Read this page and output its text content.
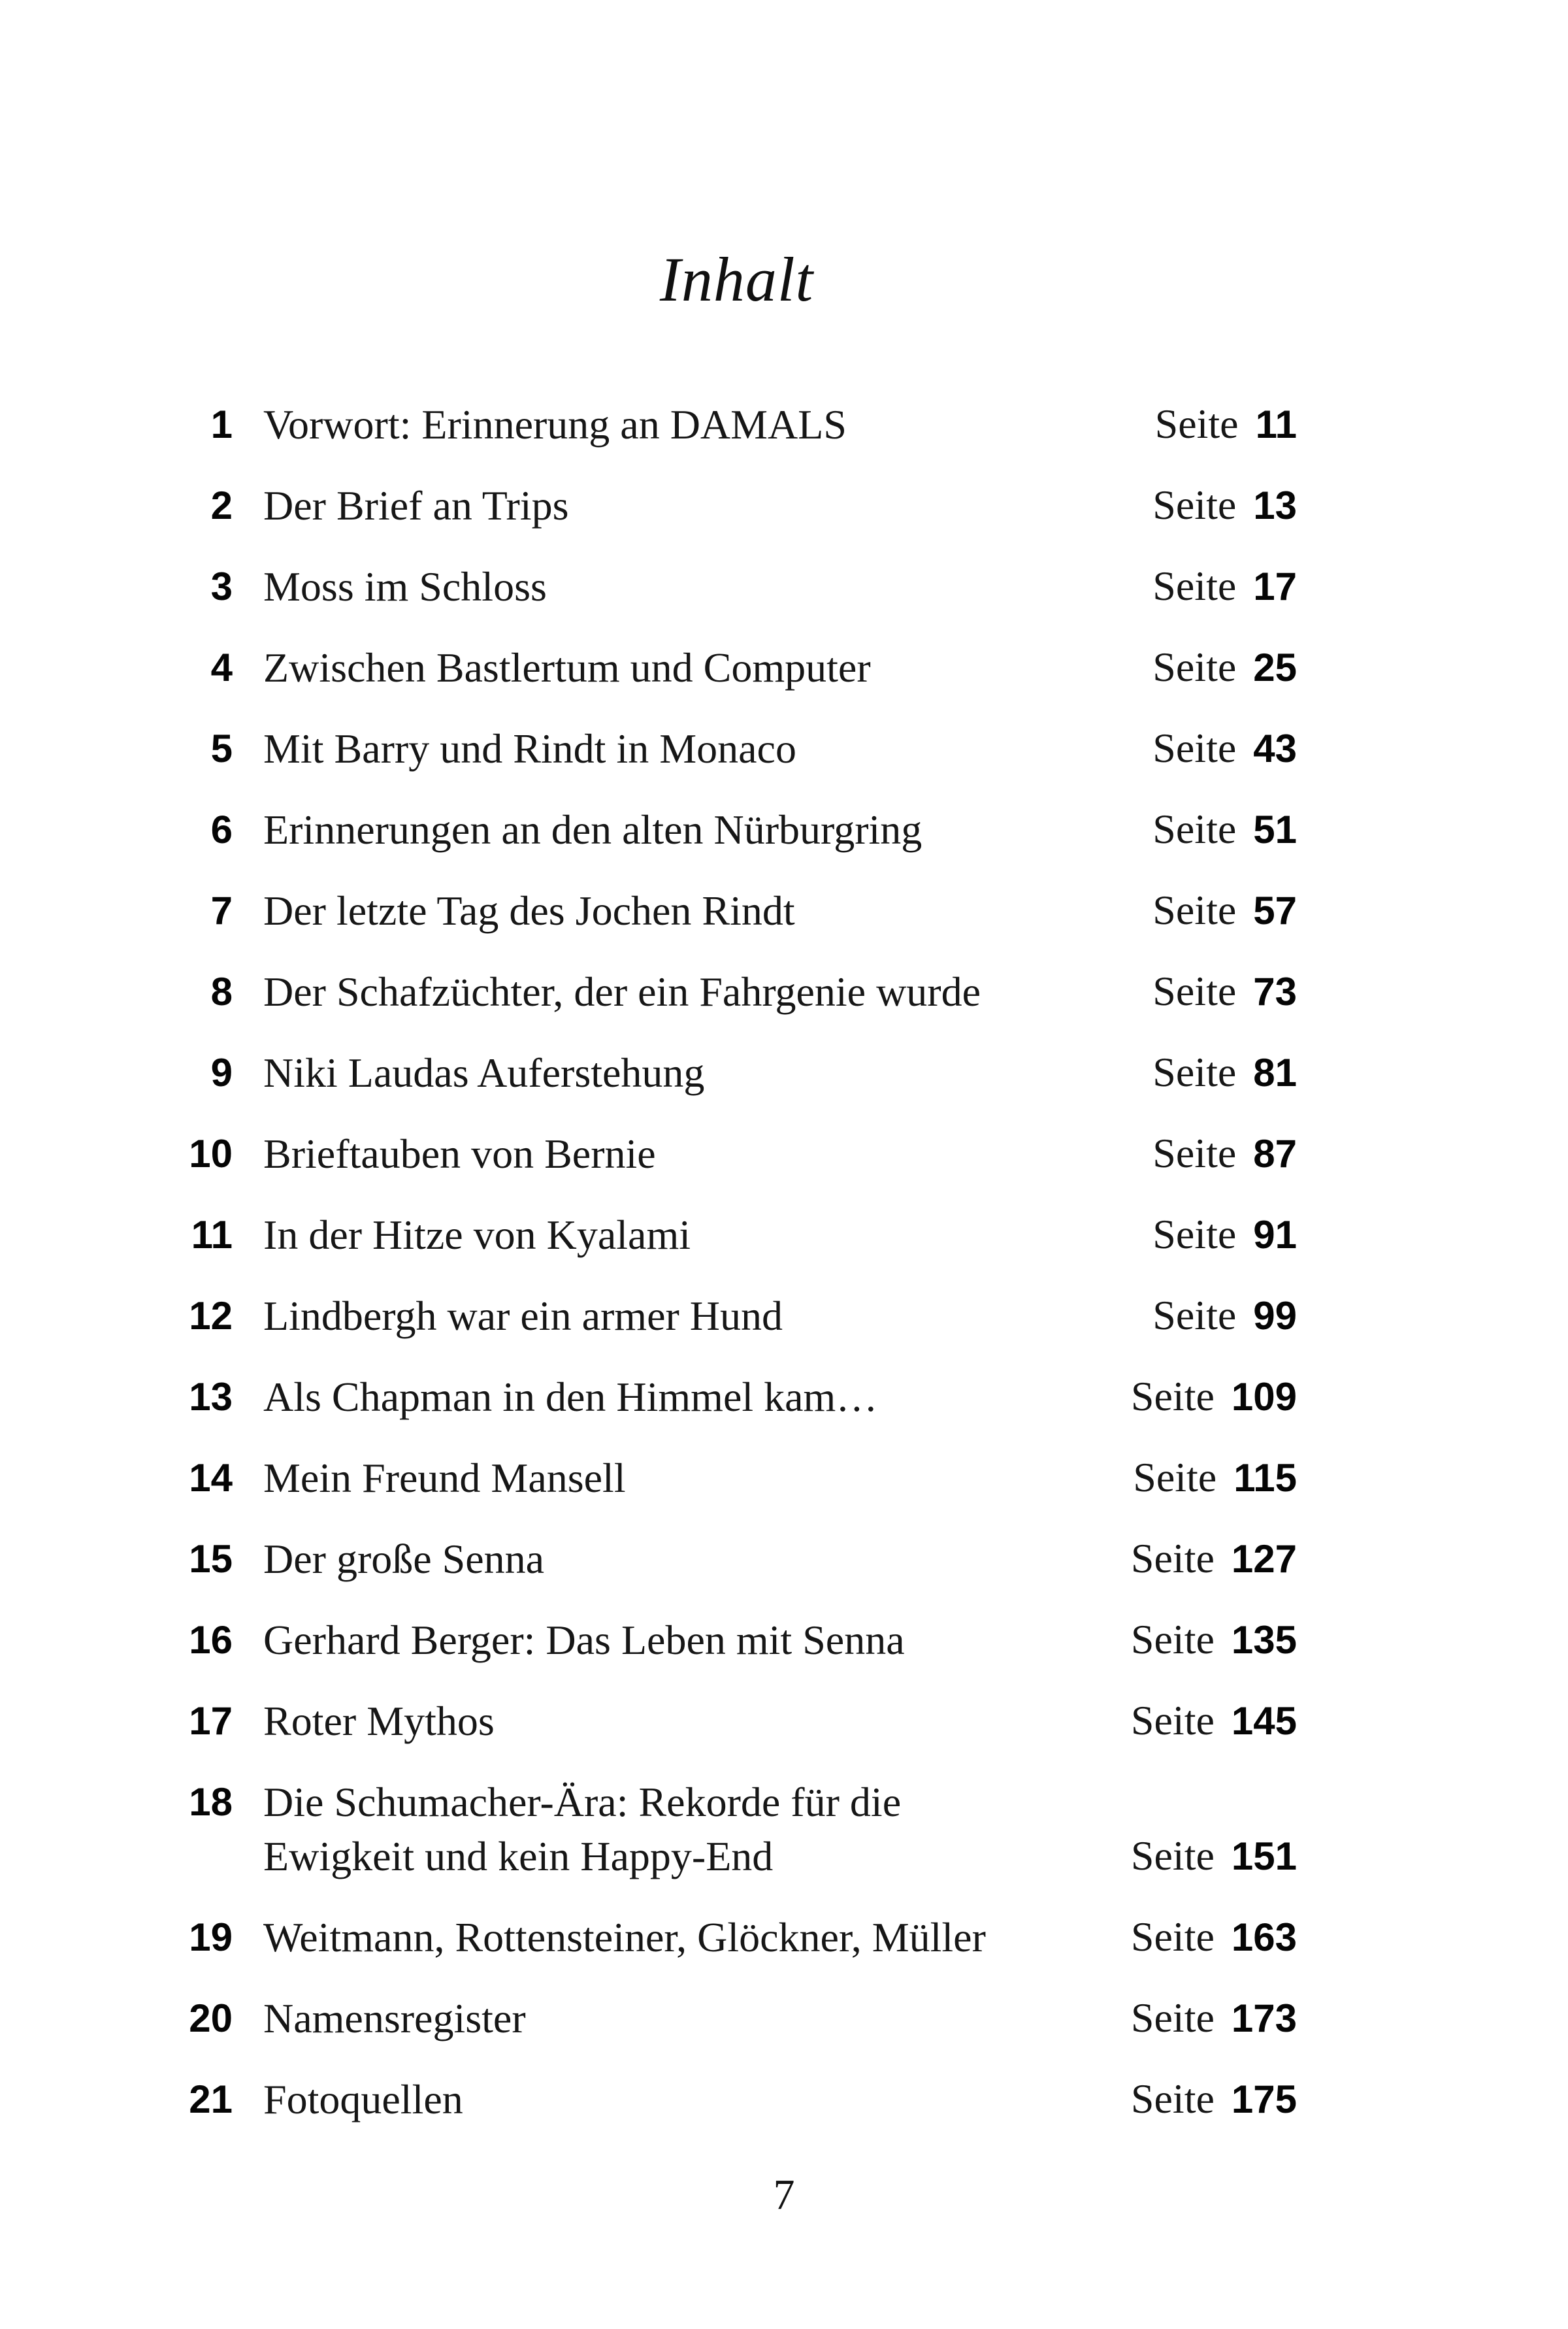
Inhalt
1 Vorwort: Erinnerung an DAMALS	Seite 11
2 Der Brief an Trips	Seite 13
3 Moss im Schloss	Seite 17
4 Zwischen Bastlertum und Computer	Seite 25
5 Mit Barry und Rindt in Monaco	Seite 43
6 Erinnerungen an den alten Nürburgring	Seite 51
7 Der letzte Tag des Jochen Rindt	Seite 57
8 Der Schafzüchter, der ein Fahrgenie wurde	Seite 73
9 Niki Laudas Auferstehung	Seite 81
10 Brieftauben von Bernie	Seite 87
11 In der Hitze von Kyalami	Seite 91
12 Lindbergh war ein armer Hund	Seite 99
13 Als Chapman in den Himmel kam…	Seite 109
14 Mein Freund Mansell	Seite 115
15 Der große Senna	Seite 127
16 Gerhard Berger: Das Leben mit Senna	Seite 135
17 Roter Mythos	Seite 145
18 Die Schumacher-Ära: Rekorde für die
Ewigkeit und kein Happy-End	Seite 151
19 Weitmann, Rottensteiner, Glöckner, Müller	Seite 163
20 Namensregister	Seite 173
21 Fotoquellen	Seite 175
7
